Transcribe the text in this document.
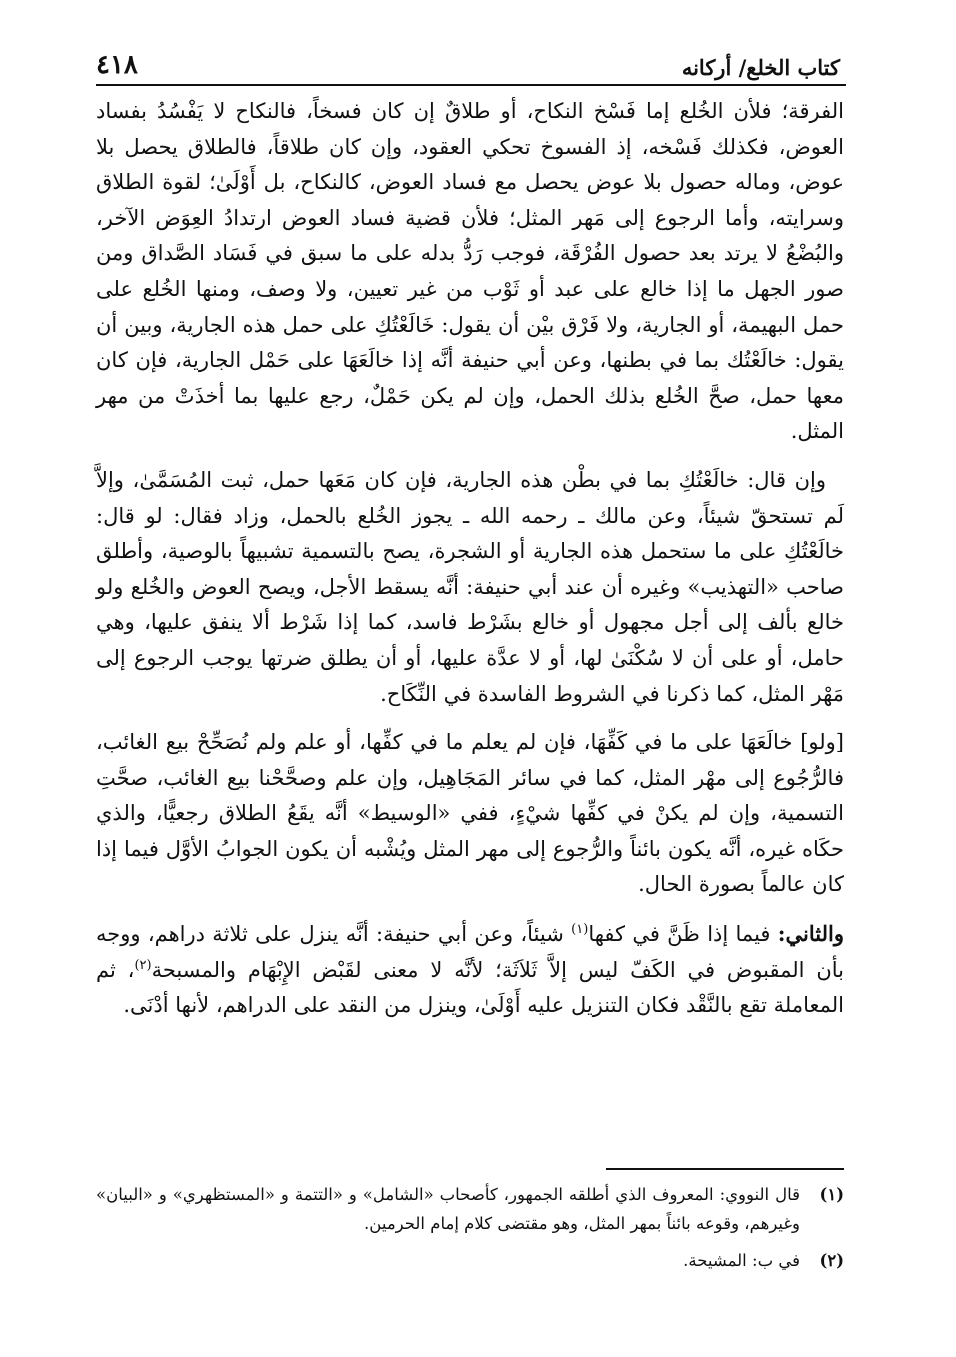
كتاب الخلع/ أركانه
٤١٨

الفرقة؛ فلأن الخُلع إما فَسْخ النكاح، أو طلاقٌ إن كان فسخاً، فالنكاح لا يَفْسُدُ بفساد العوض، فكذلك فَسْخه، إذ الفسوخ تحكي العقود، وإن كان طلاقاً، فالطلاق يحصل بلا عوض، وماله حصول بلا عوض يحصل مع فساد العوض، كالنكاح، بل أَوْلَىٰ؛ لقوة الطلاق وسرايته، وأما الرجوع إلى مَهر المثل؛ فلأن قضية فساد العوض ارتدادُ العِوَض الآخر، والبُضْعُ لا يرتد بعد حصول الفُرْقَة، فوجب رَدُّ بدله على ما سبق في فَسَاد الصَّداق ومن صور الجهل ما إذا خالع على عبد أو ثَوْب من غير تعيين، ولا وصف، ومنها الخُلع على حمل البهيمة، أو الجارية، ولا فَرْق بيْن أن يقول: خَالَعْتُكِ على حمل هذه الجارية، وبين أن يقول: خالَعْتُك بما في بطنها، وعن أبي حنيفة أنَّه إذا خالَعَهَا على حَمْل الجارية، فإن كان معها حمل، صحَّ الخُلع بذلك الحمل، وإن لم يكن حَمْلٌ، رجع عليها بما أخذَتْ من مهر المثل.

وإن قال: خالَعْتُكِ بما في بطْن هذه الجارية، فإن كان مَعَها حمل، ثبت المُسَمَّىٰ، وإلاَّ لَم تستحقّ شيئاً، وعن مالك ـ رحمه الله ـ يجوز الخُلع بالحمل، وزاد فقال: لو قال: خالَعْتُكِ على ما ستحمل هذه الجارية أو الشجرة، يصح بالتسمية تشبيهاً بالوصية، وأطلق صاحب «التهذيب» وغيره أن عند أبي حنيفة: أنَّه يسقط الأجل، ويصح العوض والخُلع ولو خالع بألف إلى أجل مجهول أو خالع بشَرْط فاسد، كما إذا شَرْط ألا ينفق عليها، وهي حامل، أو على أن لا سُكْنَىٰ لها، أو لا عدَّة عليها، أو أن يطلق ضرتها يوجب الرجوع إلى مَهْر المثل، كما ذكرنا في الشروط الفاسدة في النِّكَاح.

[ولو] خالَعَهَا على ما في كَفِّهَا، فإن لم يعلم ما في كفِّها، أو علم ولم نُصَحِّحْ بيع الغائب، فالرُّجُوع إلى مهْر المثل، كما في سائر المَجَاهِيل، وإن علم وصحَّحْنا بيع الغائب، صحَّتِ التسمية، وإن لم يكنْ في كفِّها شيْءٍ، ففي «الوسيط» أنَّه يقَعُ الطلاق رجعيًّا، والذي حكَاه غيره، أنَّه يكون بائناً والرُّجوع إلى مهر المثل ويُشْبه أن يكون الجوابُ الأوَّل فيما إذا كان عالماً بصورة الحال.

والثاني: فيما إذا ظَنَّ في كفها$^{(١)}$ شيئاً، وعن أبي حنيفة: أنَّه ينزل على ثلاثة دراهم، ووجه بأن المقبوض في الكَفّ ليس إلاَّ ثَلاَثَة؛ لأنَّه لا معنى لقَبْض الإِبْهَام والمسبحة$^{(٢)}$، ثم المعاملة تقع بالنَّقْد فكان التنزيل عليه أَوْلَىٰ، وينزل من النقد على الدراهم، لأنها أدْنَى.

(١)
قال النووي: المعروف الذي أطلقه الجمهور، كأصحاب «الشامل» و «التتمة و «المستظهري» و «البيان» وغيرهم، وقوعه بائناً بمهر المثل، وهو مقتضى كلام إمام الحرمين.
(٢)
في ب: المشيحة.
